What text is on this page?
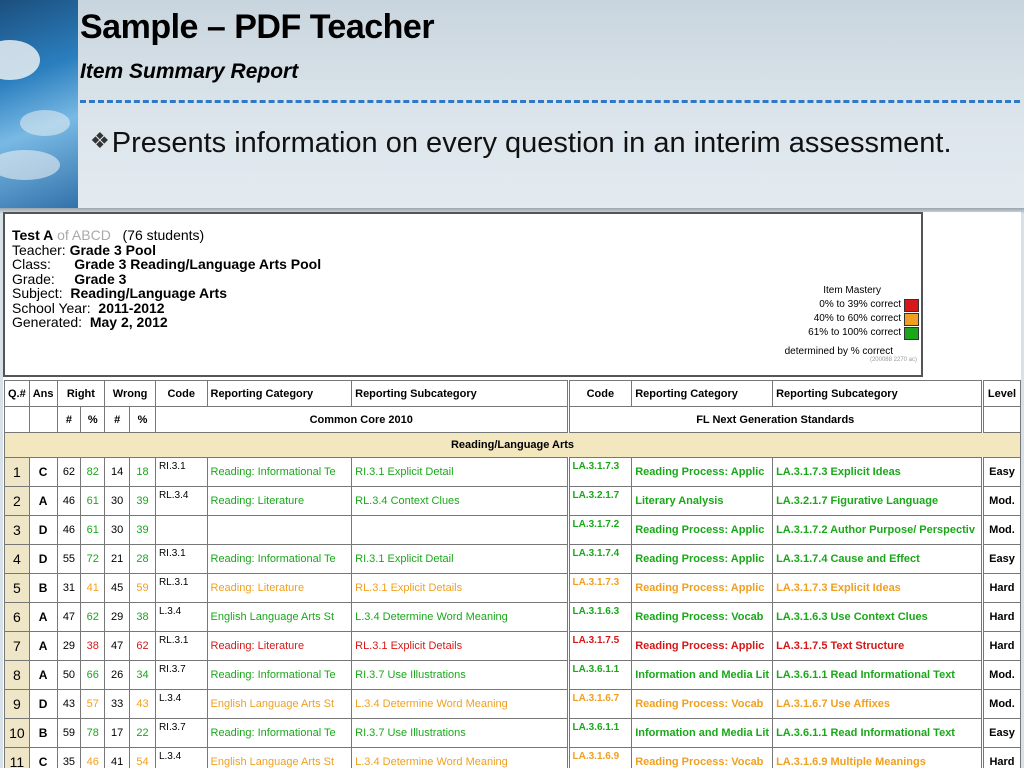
Sample – PDF Teacher
Item Summary Report
❖Presents information on every question in an interim assessment.
Test A of ABCD (76 students)
Teacher: Grade 3 Pool
Class: Grade 3 Reading/Language Arts Pool
Grade: Grade 3
Subject: Reading/Language Arts
School Year: 2011-2012
Generated: May 2, 2012
Item Mastery
0% to 39% correct
40% to 60% correct
61% to 100% correct
determined by % correct
(200088 2270 ac)
Q.#	Ans	Right		Wrong		Code	Reporting Category	Reporting Subcategory	Code	Reporting Category	Reporting Subcategory	Level
		#	%	#	%	Common Core 2010			FL Next Generation Standards			
Reading/Language Arts												
1	C	62	82	14	18	RI.3.1	Reading: Informational Te	RI.3.1 Explicit Detail	LA.3.1.7.3	Reading Process: Applic	LA.3.1.7.3 Explicit Ideas	Easy
2	A	46	61	30	39	RL.3.4	Reading: Literature	RL.3.4 Context Clues	LA.3.2.1.7	Literary Analysis	LA.3.2.1.7 Figurative Language	Mod.
3	D	46	61	30	39				LA.3.1.7.2	Reading Process: Applic	LA.3.1.7.2 Author Purpose/ Perspectiv	Mod.
4	D	55	72	21	28	RI.3.1	Reading: Informational Te	RI.3.1 Explicit Detail	LA.3.1.7.4	Reading Process: Applic	LA.3.1.7.4 Cause and Effect	Easy
5	B	31	41	45	59	RL.3.1	Reading: Literature	RL.3.1 Explicit Details	LA.3.1.7.3	Reading Process: Applic	LA.3.1.7.3 Explicit Ideas	Hard
6	A	47	62	29	38	L.3.4	English Language Arts St	L.3.4 Determine Word Meaning	LA.3.1.6.3	Reading Process: Vocab	LA.3.1.6.3 Use Context Clues	Hard
7	A	29	38	47	62	RL.3.1	Reading: Literature	RL.3.1 Explicit Details	LA.3.1.7.5	Reading Process: Applic	LA.3.1.7.5 Text Structure	Hard
8	A	50	66	26	34	RI.3.7	Reading: Informational Te	RI.3.7 Use Illustrations	LA.3.6.1.1	Information and Media Lit	LA.3.6.1.1 Read Informational Text	Mod.
9	D	43	57	33	43	L.3.4	English Language Arts St	L.3.4 Determine Word Meaning	LA.3.1.6.7	Reading Process: Vocab	LA.3.1.6.7 Use Affixes	Mod.
10	B	59	78	17	22	RI.3.7	Reading: Informational Te	RI.3.7 Use Illustrations	LA.3.6.1.1	Information and Media Lit	LA.3.6.1.1 Read Informational Text	Easy
11	C	35	46	41	54	L.3.4	English Language Arts St	L.3.4 Determine Word Meaning	LA.3.1.6.9	Reading Process: Vocab	LA.3.1.6.9 Multiple Meanings	Hard
